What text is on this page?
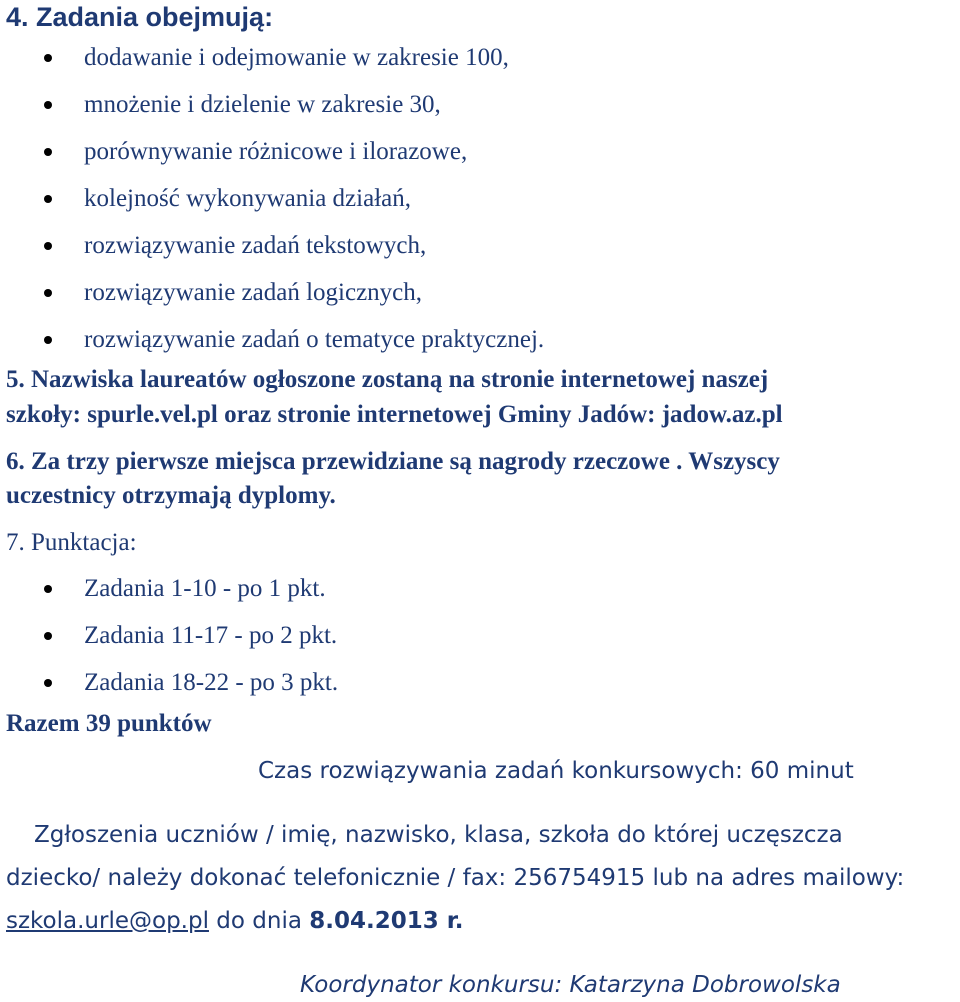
4. Zadania obejmują:
dodawanie i odejmowanie w zakresie 100,
mnożenie i dzielenie w zakresie 30,
porównywanie różnicowe i ilorazowe,
kolejność wykonywania działań,
rozwiązywanie zadań tekstowych,
rozwiązywanie zadań logicznych,
rozwiązywanie zadań o tematyce praktycznej.
5. Nazwiska laureatów ogłoszone zostaną na stronie internetowej naszej
szkoły: spurle.vel.pl oraz stronie internetowej Gminy Jadów: jadow.az.pl
6. Za trzy pierwsze miejsca przewidziane są nagrody rzeczowe . Wszyscy
uczestnicy otrzymają dyplomy.
7. Punktacja:
Zadania 1-10 - po 1 pkt.
Zadania 11-17 - po 2 pkt.
Zadania 18-22 - po 3 pkt.
Razem 39 punktów
Czas rozwiązywania zadań konkursowych: 60 minut
Zgłoszenia uczniów / imię, nazwisko, klasa, szkoła do której uczęszcza
dziecko/ należy dokonać telefonicznie / fax: 256754915 lub na adres mailowy:
szkola.urle@op.pl do dnia 8.04.2013 r.
Koordynator konkursu: Katarzyna Dobrowolska
